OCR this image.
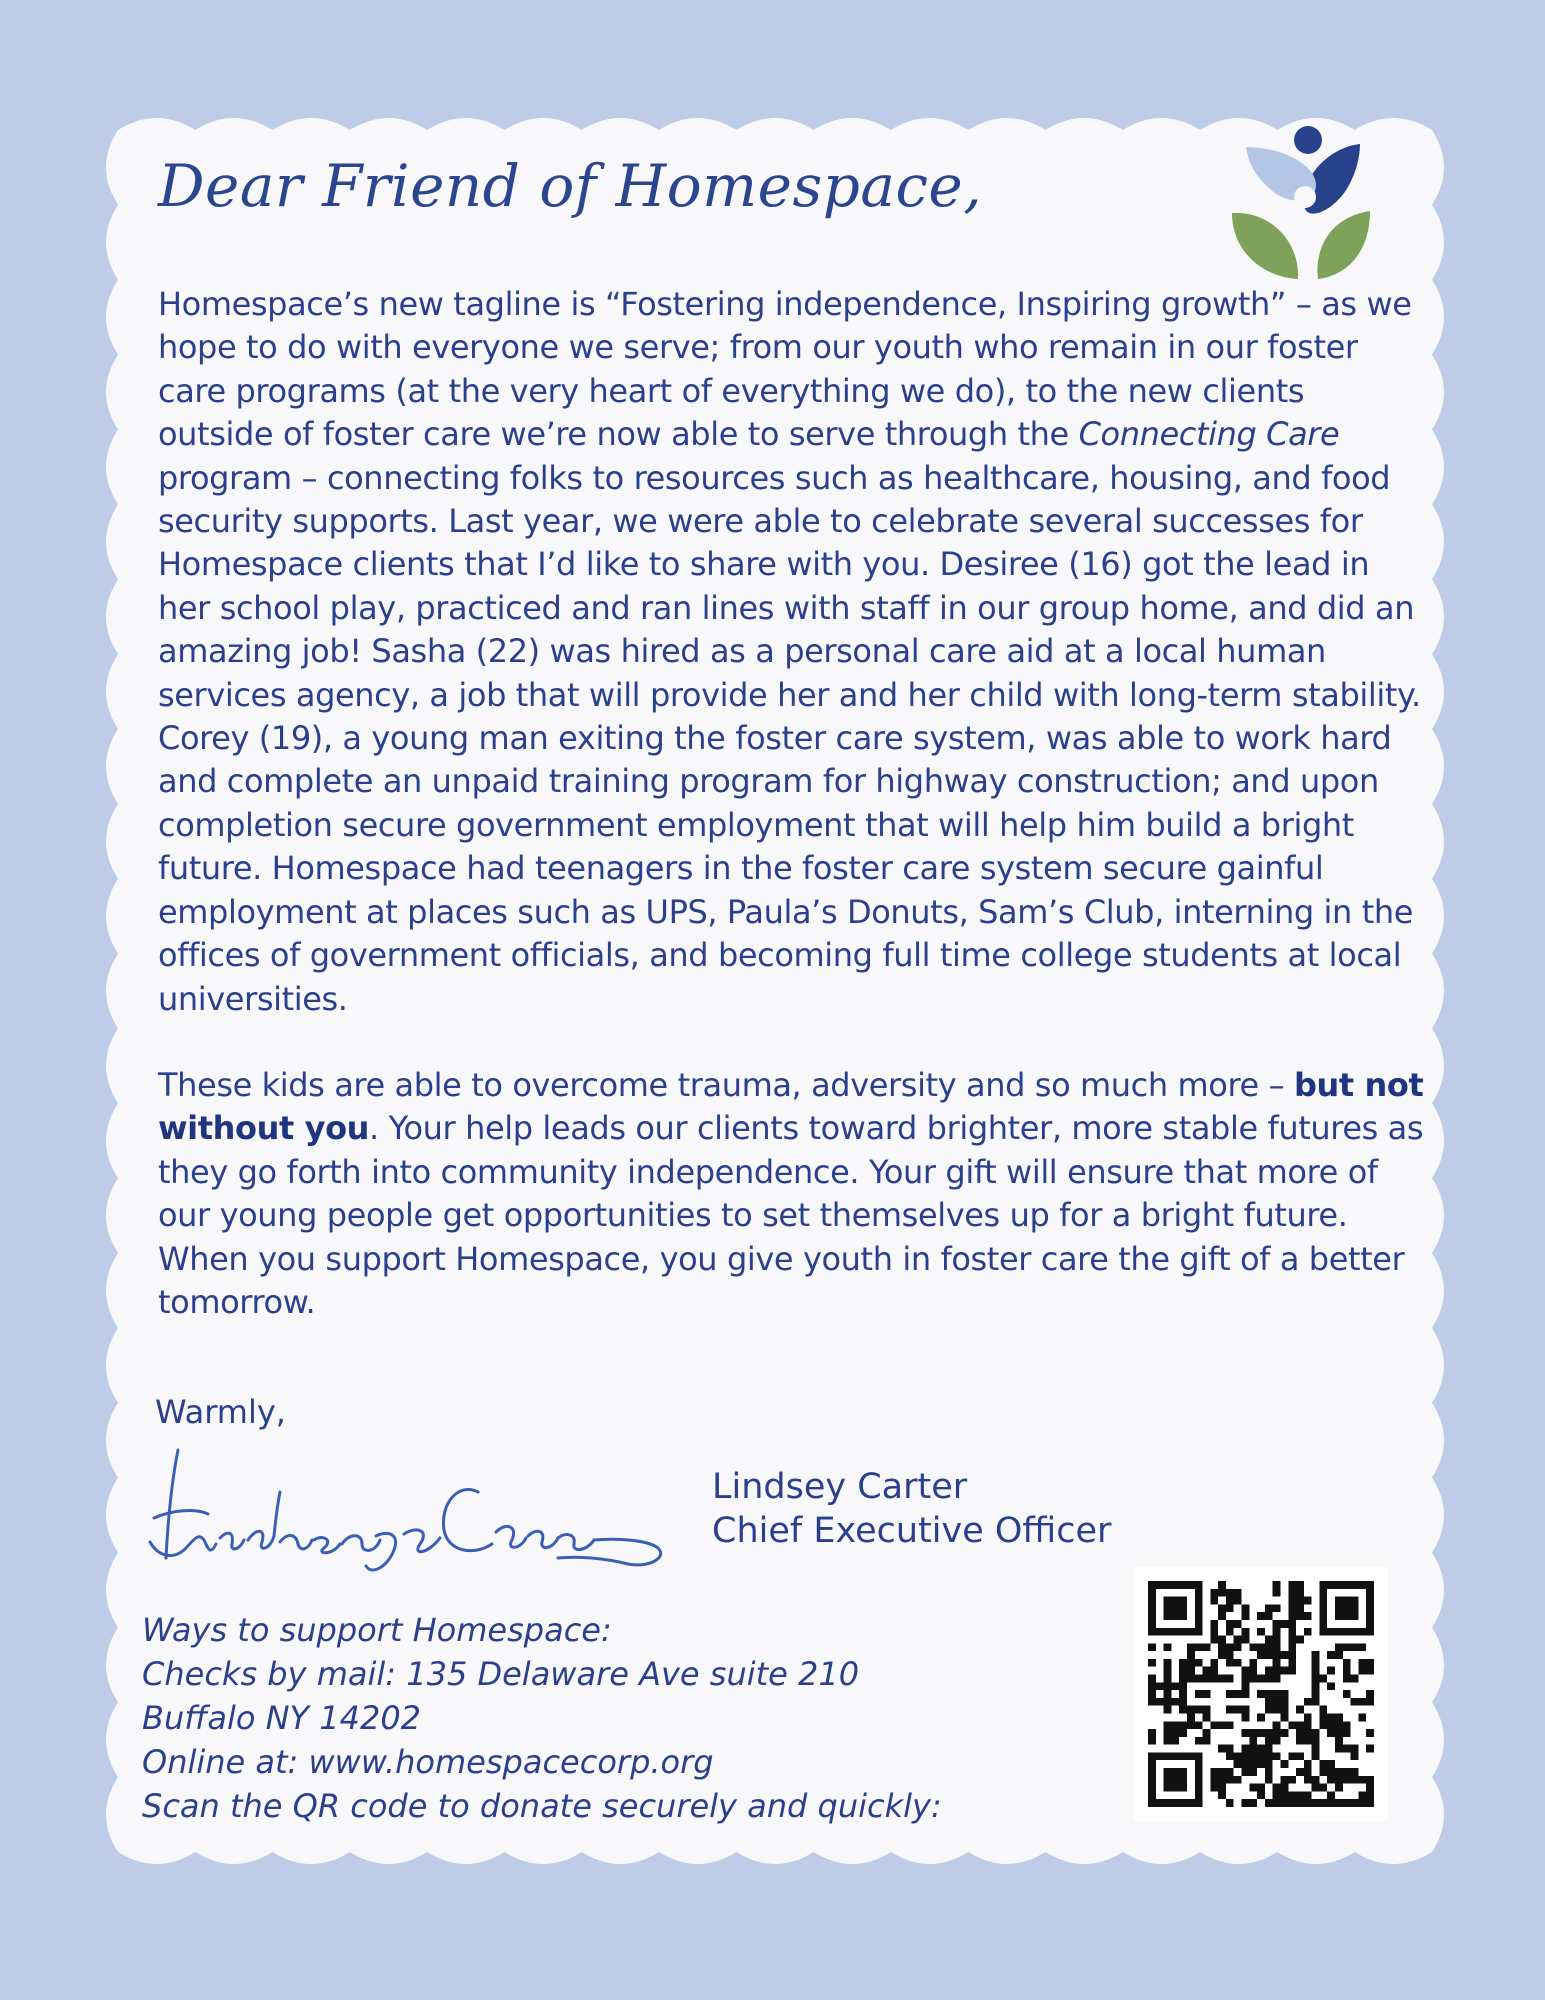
Dear Friend of Homespace,

Homespace’s new tagline is “Fostering independence, Inspiring growth” – as we hope to do with everyone we serve; from our youth who remain in our foster care programs (at the very heart of everything we do), to the new clients outside of foster care we’re now able to serve through the Connecting Care program – connecting folks to resources such as healthcare, housing, and food security supports. Last year, we were able to celebrate several successes for Homespace clients that I’d like to share with you. Desiree (16) got the lead in her school play, practiced and ran lines with staff in our group home, and did an amazing job! Sasha (22) was hired as a personal care aid at a local human services agency, a job that will provide her and her child with long-term stability. Corey (19), a young man exiting the foster care system, was able to work hard and complete an unpaid training program for highway construction; and upon completion secure government employment that will help him build a bright future. Homespace had teenagers in the foster care system secure gainful employment at places such as UPS, Paula’s Donuts, Sam’s Club, interning in the offices of government officials, and becoming full time college students at local universities.

These kids are able to overcome trauma, adversity and so much more – but not without you. Your help leads our clients toward brighter, more stable futures as they go forth into community independence. Your gift will ensure that more of our young people get opportunities to set themselves up for a bright future. When you support Homespace, you give youth in foster care the gift of a better tomorrow.

Warmly,
Lindsey Carter
Chief Executive Officer
Ways to support Homespace:
Checks by mail: 135 Delaware Ave suite 210
Buffalo NY 14202
Online at: www.homespacecorp.org
Scan the QR code to donate securely and quickly:
